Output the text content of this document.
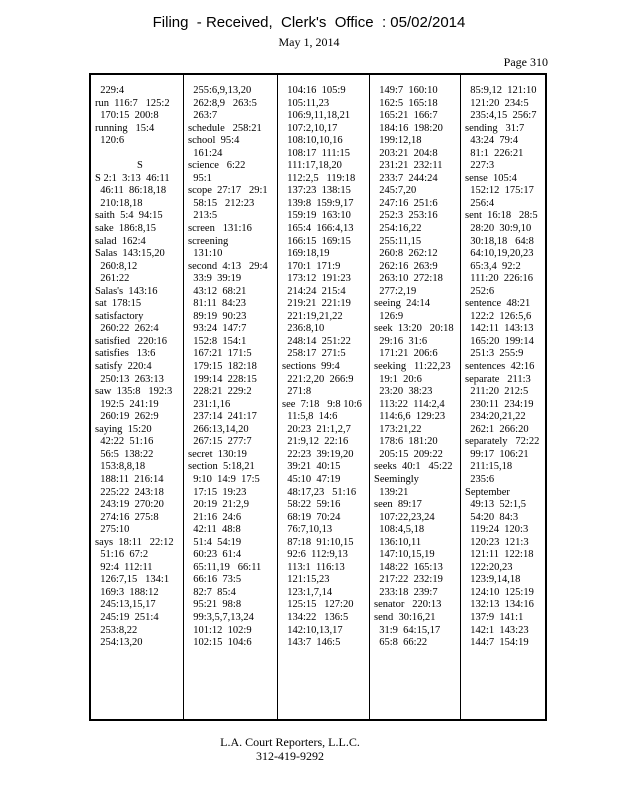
Filing  - Received,  Clerk's  Office  : 05/02/2014
May 1, 2014
Page 310
229:4
run  116:7   125:2
170:15  200:8
running   15:4
120:6
S
S 2:1  3:13  46:11
46:11  86:18,18
210:18,18
saith  5:4  94:15
sake  186:8,15
salad  162:4
Salas  143:15,20
260:8,12
261:22
Salas's  143:16
sat  178:15
satisfactory
260:22  262:4
satisfied   220:16
satisfies   13:6
satisfy  220:4
250:13  263:13
saw  135:8   192:3
192:5  241:19
260:19  262:9
saying  15:20
42:22  51:16
56:5  138:22
153:8,8,18
188:11  216:14
225:22  243:18
243:19  270:20
274:16  275:8
275:10
says  18:11   22:12
51:16  67:2
92:4  112:11
126:7,15   134:1
169:3  188:12
245:13,15,17
245:19  251:4
253:8,22
254:13,20
255:6,9,13,20
262:8,9   263:5
263:7
schedule   258:21
school  95:4
161:24
science   6:22
95:1
scope  27:17   29:1
58:15   212:23
213:5
screen   131:16
screening
131:10
second  4:13   29:4
33:9  39:19
43:12  68:21
81:11  84:23
89:19  90:23
93:24  147:7
152:8  154:1
167:21  171:5
179:15  182:18
199:14  228:15
228:21  229:2
231:1,16
237:14  241:17
266:13,14,20
267:15  277:7
secret  130:19
section  5:18,21
9:10  14:9  17:5
17:15  19:23
20:19  21:2,9
21:16  24:6
42:11  48:8
51:4  54:19
60:23  61:4
65:11,19   66:11
66:16  73:5
82:7  85:4
95:21  98:8
99:3,5,7,13,24
101:12  102:9
102:15  104:6
104:16  105:9
105:11,23
106:9,11,18,21
107:2,10,17
108:10,10,16
108:17  111:15
111:17,18,20
112:2,5   119:18
137:23  138:15
139:8  159:9,17
159:19  163:10
165:4  166:4,13
166:15  169:15
169:18,19
170:1  171:9
173:12  191:23
214:24  215:4
219:21  221:19
221:19,21,22
236:8,10
248:14  251:22
258:17  271:5
sections  99:4
221:2,20  266:9
271:8
see  7:18   9:8 10:6
11:5,8  14:6
20:23  21:1,2,7
21:9,12  22:16
22:23  39:19,20
39:21  40:15
45:10  47:19
48:17,23   51:16
58:22  59:16
68:19  70:24
76:7,10,13
87:18  91:10,15
92:6  112:9,13
113:1  116:13
121:15,23
123:1,7,14
125:15   127:20
134:22   136:5
142:10,13,17
143:7  146:5
149:7  160:10
162:5  165:18
165:21  166:7
184:16  198:20
199:12,18
203:21  204:8
231:21  232:11
233:7  244:24
245:7,20
247:16  251:6
252:3  253:16
254:16,22
255:11,15
260:8  262:12
262:16  263:9
263:10  272:18
277:2,19
seeing  24:14
126:9
seek  13:20   20:18
29:16  31:6
171:21  206:6
seeking   11:22,23
19:1  20:6
23:20  38:23
113:22  114:2,4
114:6,6  129:23
173:21,22
178:6  181:20
205:15  209:22
seeks  40:1   45:22
Seemingly
139:21
seen  89:17
107:22,23,24
108:4,5,18
136:10,11
147:10,15,19
148:22  165:13
217:22  232:19
233:18  239:7
senator   220:13
send  30:16,21
31:9  64:15,17
65:8  66:22
85:9,12  121:10
121:20  234:5
235:4,15  256:7
sending   31:7
43:24  79:4
81:1  226:21
227:3
sense  105:4
152:12  175:17
256:4
sent  16:18   28:5
28:20  30:9,10
30:18,18   64:8
64:10,19,20,23
65:3,4  92:2
111:20  226:16
252:6
sentence  48:21
122:2  126:5,6
142:11  143:13
165:20  199:14
251:3  255:9
sentences  42:16
separate   211:3
211:20  212:5
230:11  234:19
234:20,21,22
262:1  266:20
separately   72:22
99:17  106:21
211:15,18
235:6
September
49:13  52:1,5
54:20  84:3
119:24  120:3
120:23  121:3
121:11  122:18
122:20,23
123:9,14,18
124:10  125:19
132:13  134:16
137:9  141:1
142:1  143:23
144:7  154:19
L.A. Court Reporters, L.L.C.
312-419-9292
